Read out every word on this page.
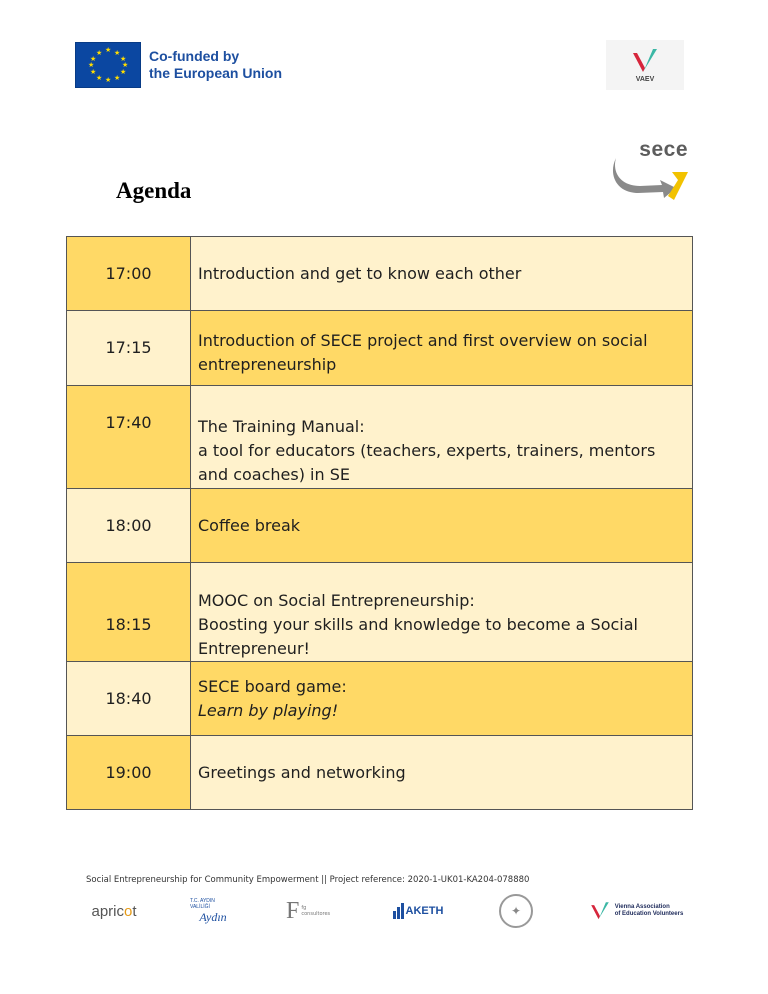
★ ★
★
★
★
★
★
★
★
★
★
★	Co-funded by
the European Union	VAEV
sece
Agenda
17:00	Introduction and get to know each other

17:15	Introduction of SECE project and first overview on social
entrepreneurship

17:40	The Training Manual:
a tool for educators (teachers, experts, trainers, mentors
and coaches) in SE

18:00	Coffee break

18:15	MOOC on Social Entrepreneurship:
Boosting your skills and knowledge to become a Social
Entrepreneur!

18:40	SECE board game:
Learn by playing!

19:00	Greetings and networking
Social Entrepreneurship for Community Empowerment || Project reference: 2020-1-UK01-KA204-078880
apric o t
T.C. AYDIN VALİLİĞİ
Aydın F fg consultores	AKETH	✦	Vienna Association
of Education Volunteers
